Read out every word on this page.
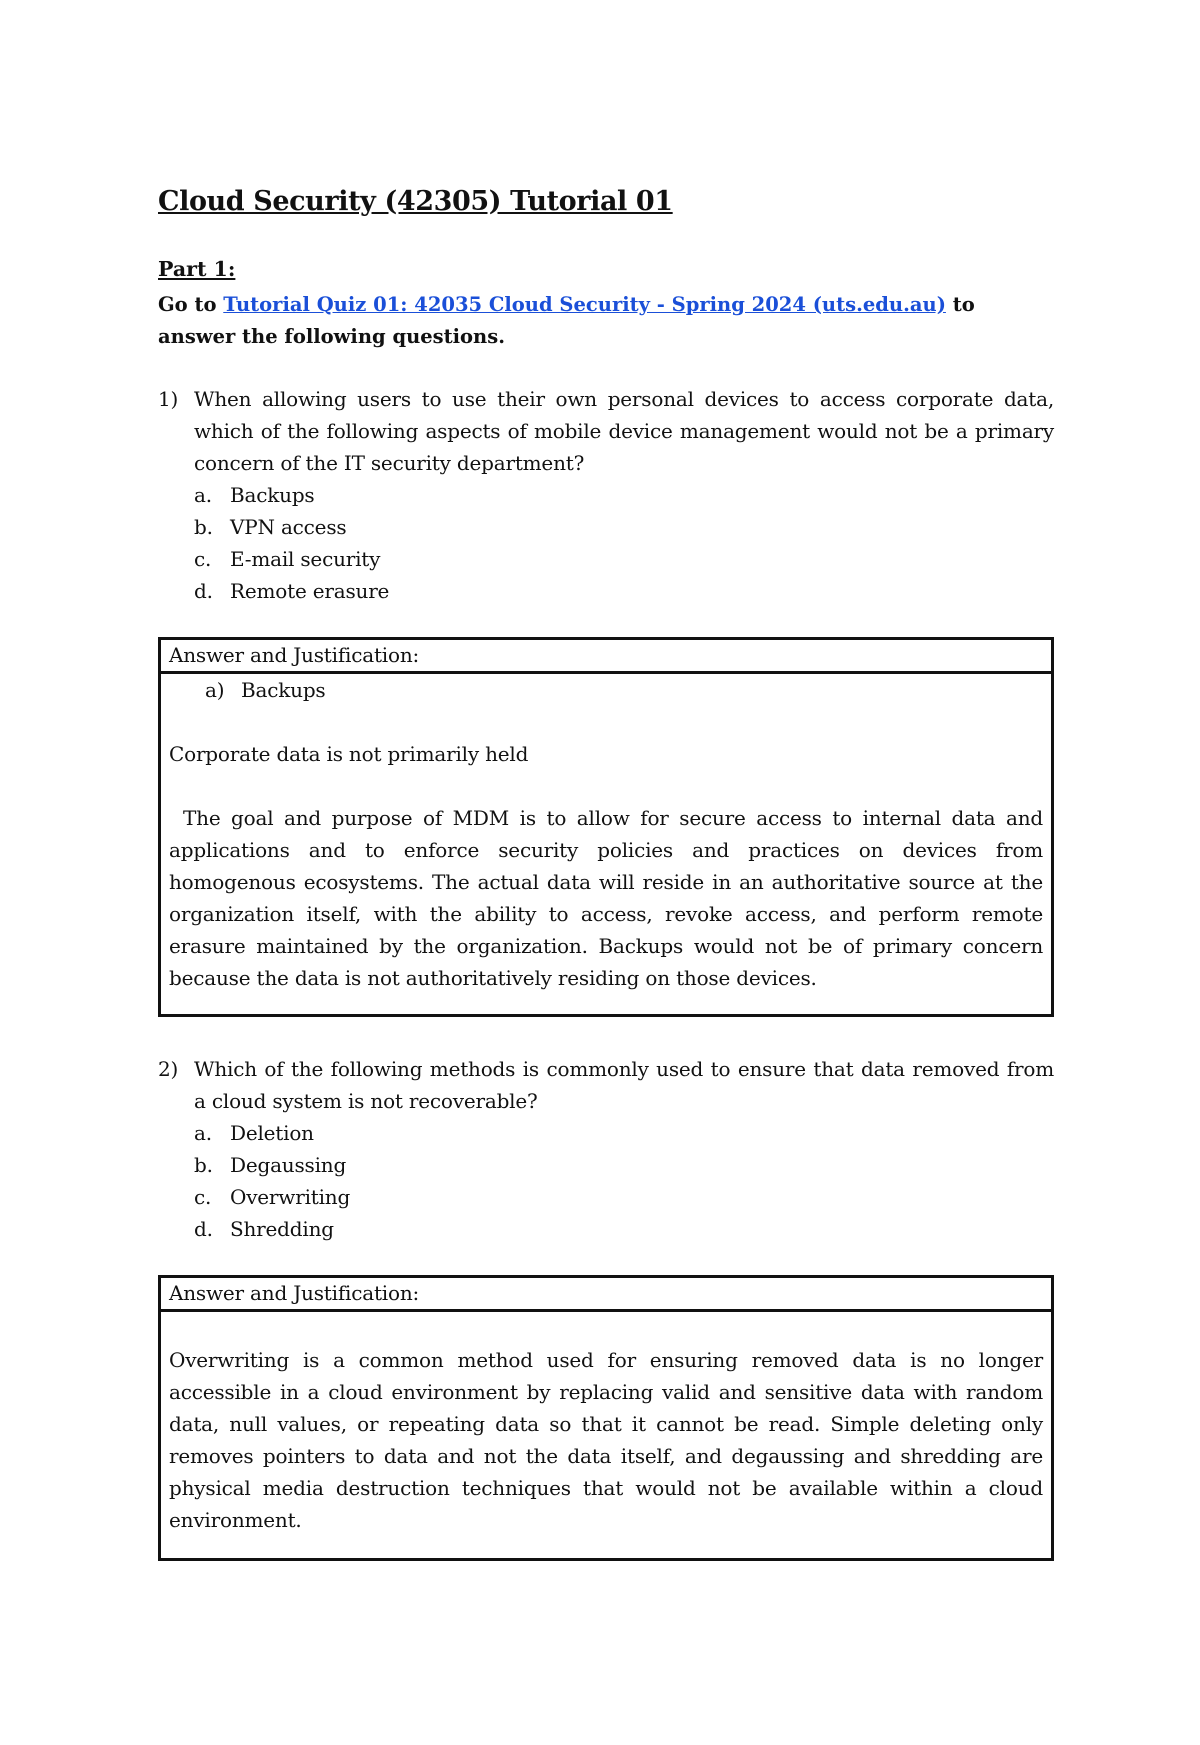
Cloud Security (42305) Tutorial 01
Part 1:
Go to Tutorial Quiz 01: 42035 Cloud Security - Spring 2024 (uts.edu.au) to answer the following questions.
1) When allowing users to use their own personal devices to access corporate data, which of the following aspects of mobile device management would not be a primary concern of the IT security department?
a. Backups
b. VPN access
c. E-mail security
d. Remote erasure
Answer and Justification:

a) Backups

Corporate data is not primarily held

The goal and purpose of MDM is to allow for secure access to internal data and applications and to enforce security policies and practices on devices from homogenous ecosystems. The actual data will reside in an authoritative source at the organization itself, with the ability to access, revoke access, and perform remote erasure maintained by the organization. Backups would not be of primary concern because the data is not authoritatively residing on those devices.

2) Which of the following methods is commonly used to ensure that data removed from a cloud system is not recoverable?
a. Deletion
b. Degaussing
c. Overwriting
d. Shredding
Answer and Justification:

Overwriting is a common method used for ensuring removed data is no longer accessible in a cloud environment by replacing valid and sensitive data with random data, null values, or repeating data so that it cannot be read. Simple deleting only removes pointers to data and not the data itself, and degaussing and shredding are physical media destruction techniques that would not be available within a cloud environment.
